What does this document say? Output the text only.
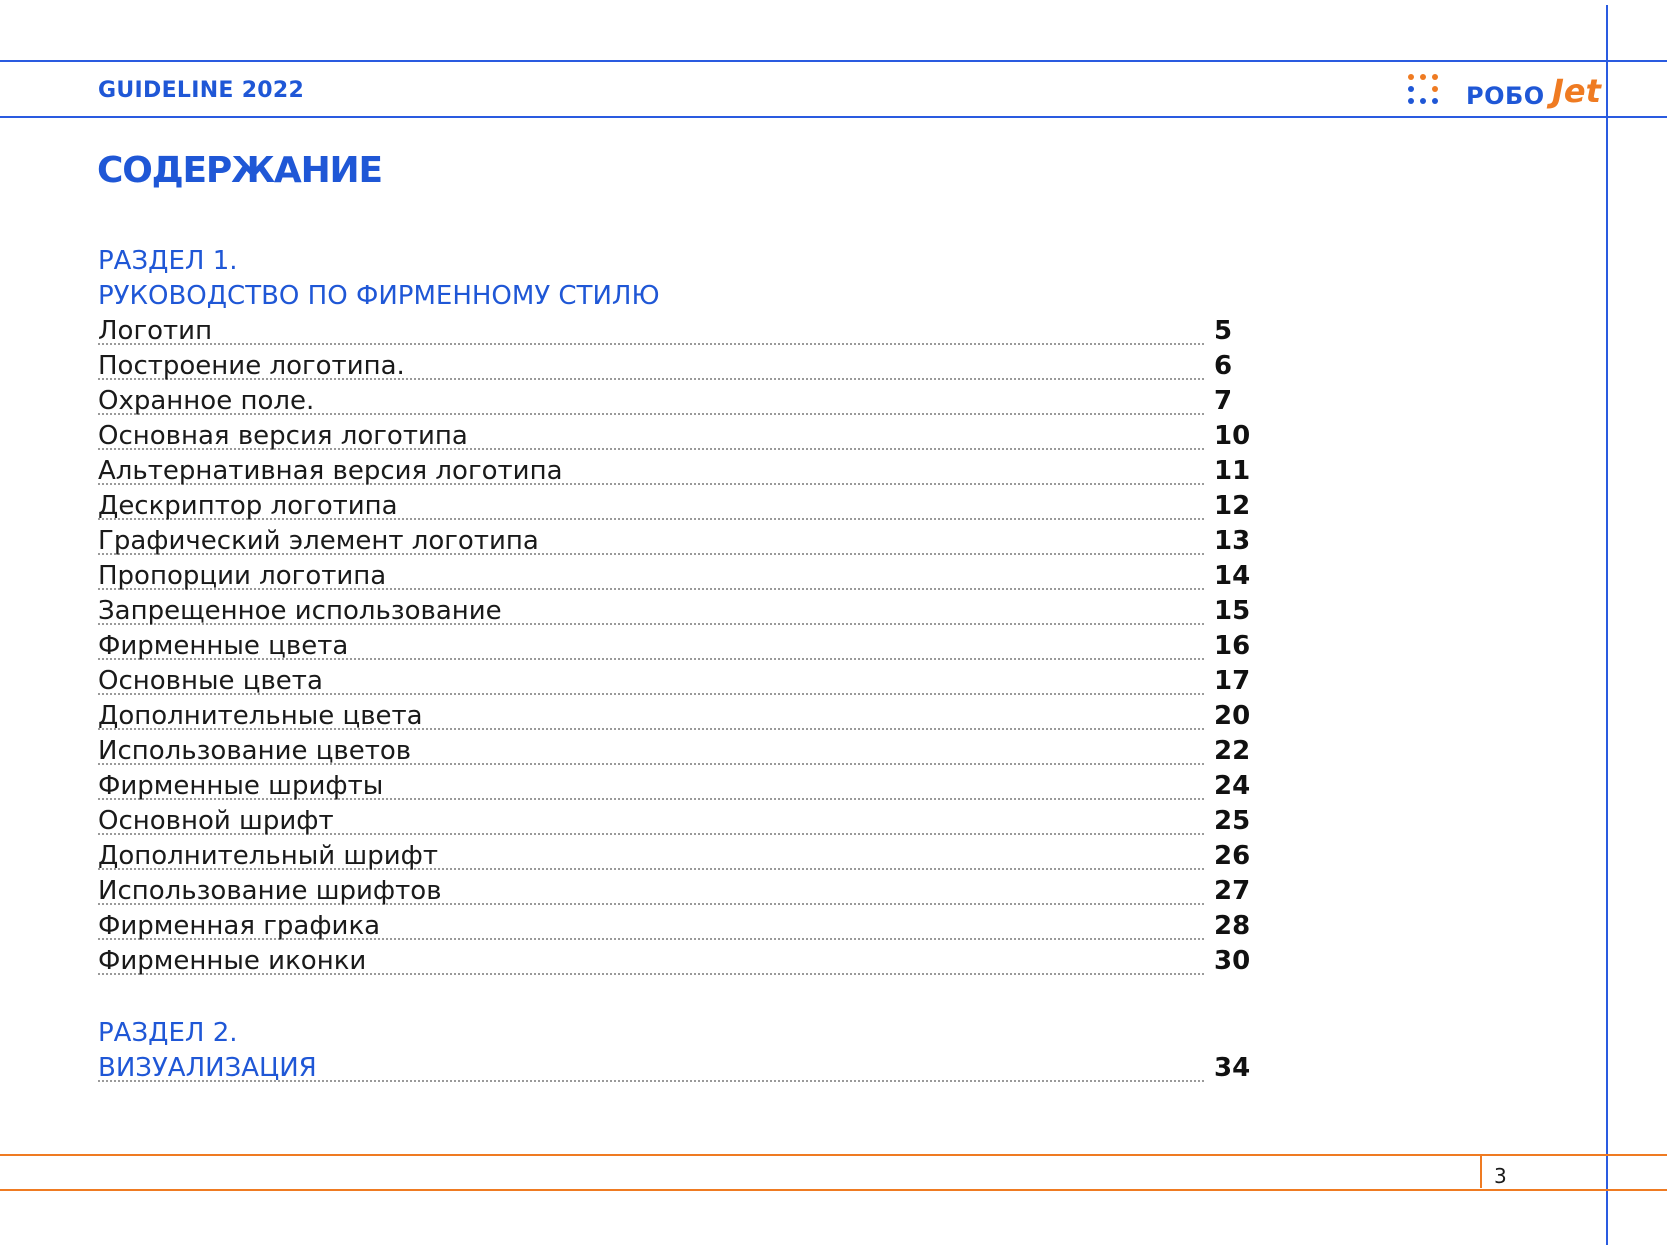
GUIDELINE 2022	РОБО Jet
СОДЕРЖАНИЕ
РАЗДЕЛ 1.
РУКОВОДСТВО ПО ФИРМЕННОМУ СТИЛЮ
Логотип	5
Построение логотипа.	6
Охранное поле.	7
Основная версия логотипа	10
Альтернативная версия логотипа	11
Дескриптор логотипа	12
Графический элемент логотипа	13
Пропорции логотипа	14
Запрещенное использование	15
Фирменные цвета	16
Основные цвета	17
Дополнительные цвета	20
Использование цветов	22
Фирменные шрифты	24
Основной шрифт	25
Дополнительный шрифт	26
Использование шрифтов	27
Фирменная графика	28
Фирменные иконки	30
РАЗДЕЛ 2.
ВИЗУАЛИЗАЦИЯ	34
3
